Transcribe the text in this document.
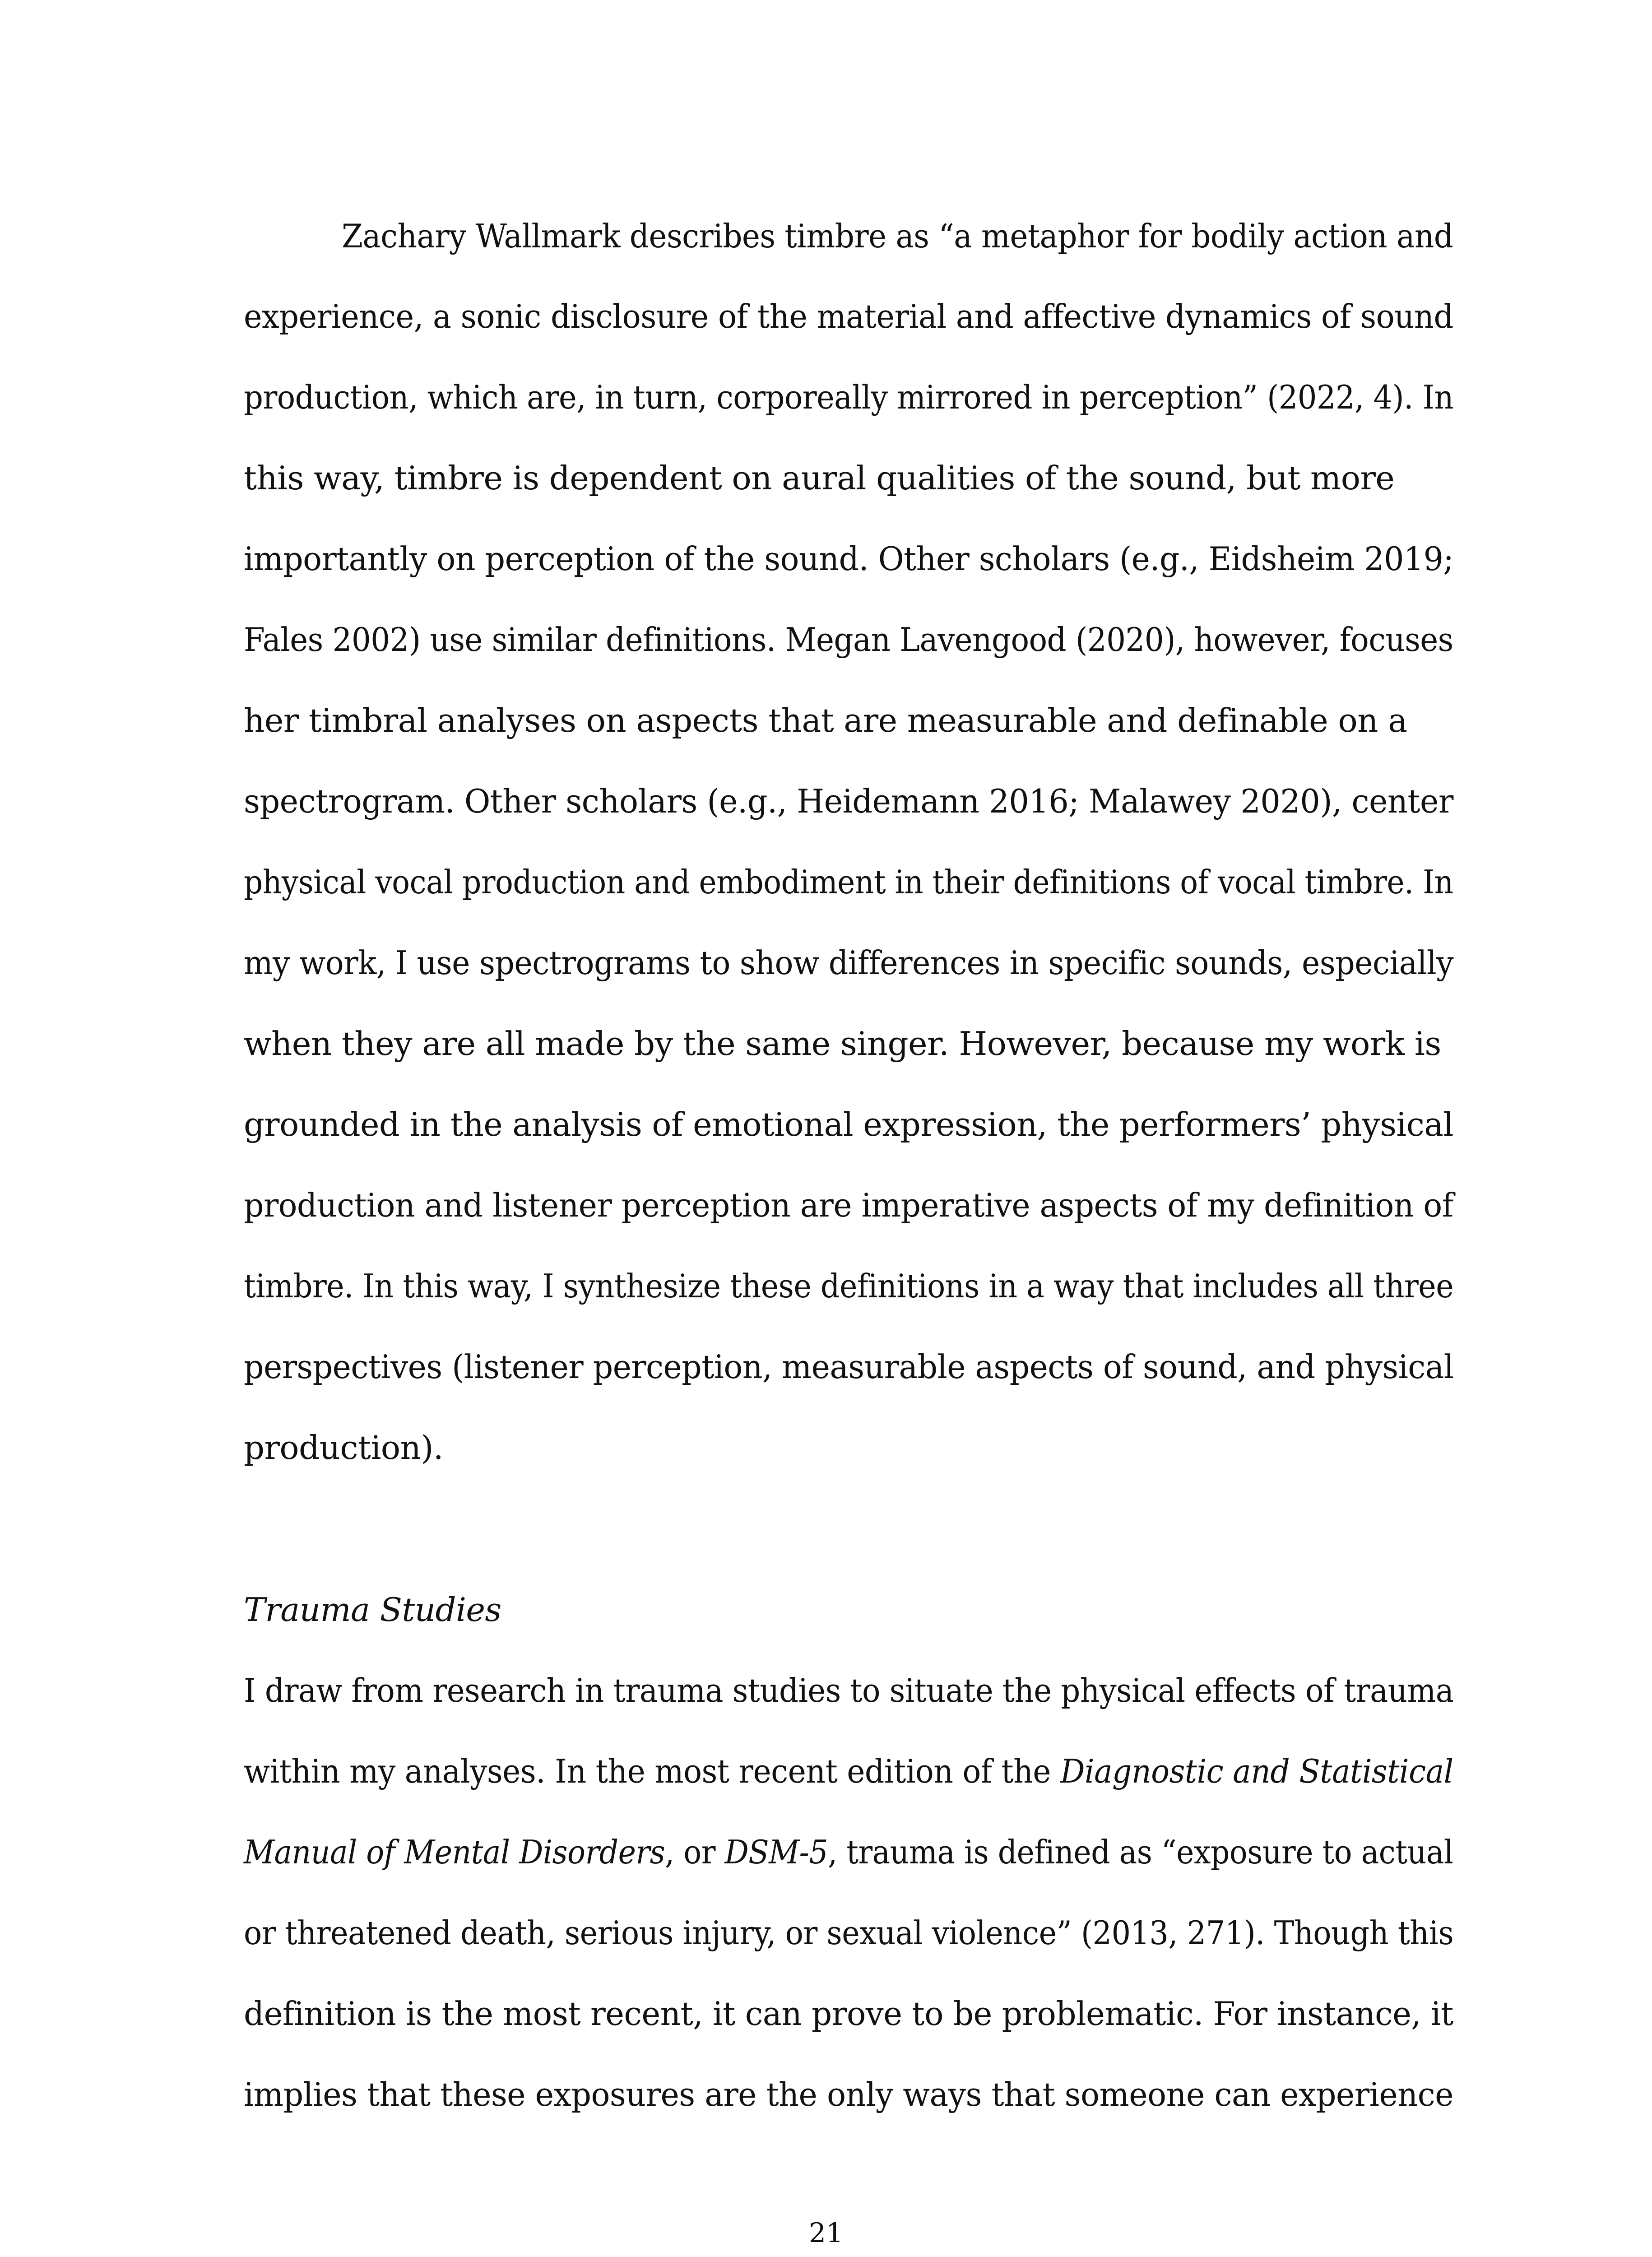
Zachary Wallmark describes timbre as “a metaphor for bodily action and
experience, a sonic disclosure of the material and affective dynamics of sound
production, which are, in turn, corporeally mirrored in perception” (2022, 4). In
this way, timbre is dependent on aural qualities of the sound, but more
importantly on perception of the sound. Other scholars (e.g., Eidsheim 2019;
Fales 2002) use similar definitions. Megan Lavengood (2020), however, focuses
her timbral analyses on aspects that are measurable and definable on a
spectrogram. Other scholars (e.g., Heidemann 2016; Malawey 2020), center
physical vocal production and embodiment in their definitions of vocal timbre. In
my work, I use spectrograms to show differences in specific sounds, especially
when they are all made by the same singer. However, because my work is
grounded in the analysis of emotional expression, the performers’ physical
production and listener perception are imperative aspects of my definition of
timbre. In this way, I synthesize these definitions in a way that includes all three
perspectives (listener perception, measurable aspects of sound, and physical
production).
Trauma Studies
I draw from research in trauma studies to situate the physical effects of trauma
within my analyses. In the most recent edition of the Diagnostic and Statistical
Manual of Mental Disorders, or DSM-5, trauma is defined as “exposure to actual
or threatened death, serious injury, or sexual violence” (2013, 271). Though this
definition is the most recent, it can prove to be problematic. For instance, it
implies that these exposures are the only ways that someone can experience
21
